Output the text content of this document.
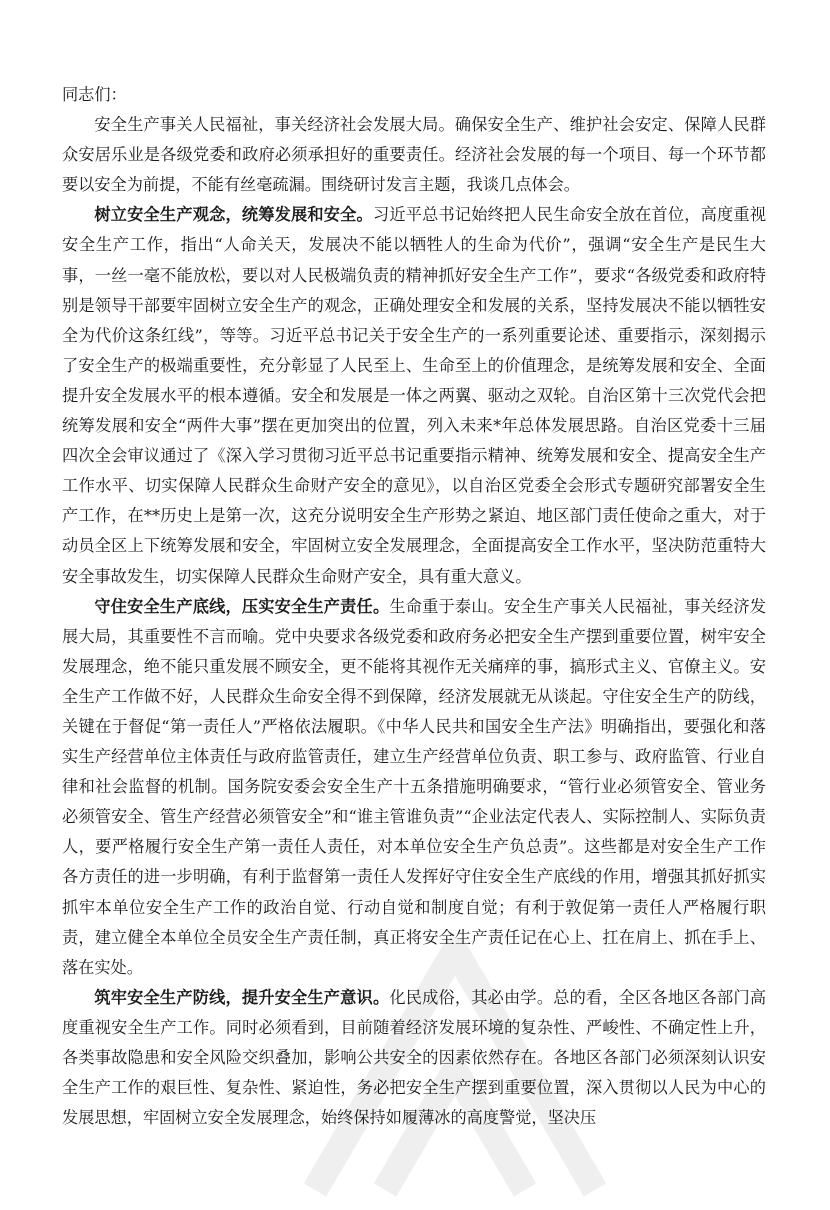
同志们：

安全生产事关人民福祉，事关经济社会发展大局。确保安全生产、维护社会安定、保障人民群众安居乐业是各级党委和政府必须承担好的重要责任。经济社会发展的每一个项目、每一个环节都要以安全为前提，不能有丝毫疏漏。围绕研讨发言主题，我谈几点体会。

树立安全生产观念，统筹发展和安全。习近平总书记始终把人民生命安全放在首位，高度重视安全生产工作，指出“人命关天，发展决不能以牺牲人的生命为代价”，强调“安全生产是民生大事，一丝一毫不能放松，要以对人民极端负责的精神抓好安全生产工作”，要求“各级党委和政府特别是领导干部要牢固树立安全生产的观念，正确处理安全和发展的关系，坚持发展决不能以牺牲安全为代价这条红线”，等等。习近平总书记关于安全生产的一系列重要论述、重要指示，深刻揭示了安全生产的极端重要性，充分彰显了人民至上、生命至上的价值理念，是统筹发展和安全、全面提升安全发展水平的根本遵循。安全和发展是一体之两翼、驱动之双轮。自治区第十三次党代会把统筹发展和安全“两件大事”摆在更加突出的位置，列入未来*年总体发展思路。自治区党委十三届四次全会审议通过了《深入学习贯彻习近平总书记重要指示精神、统筹发展和安全、提高安全生产工作水平、切实保障人民群众生命财产安全的意见》，以自治区党委全会形式专题研究部署安全生产工作，在**历史上是第一次，这充分说明安全生产形势之紧迫、地区部门责任使命之重大，对于动员全区上下统筹发展和安全，牢固树立安全发展理念，全面提高安全工作水平，坚决防范重特大安全事故发生，切实保障人民群众生命财产安全，具有重大意义。

守住安全生产底线，压实安全生产责任。生命重于泰山。安全生产事关人民福祉，事关经济发展大局，其重要性不言而喻。党中央要求各级党委和政府务必把安全生产摆到重要位置，树牢安全发展理念，绝不能只重发展不顾安全，更不能将其视作无关痛痒的事，搞形式主义、官僚主义。安全生产工作做不好，人民群众生命安全得不到保障，经济发展就无从谈起。守住安全生产的防线，关键在于督促“第一责任人”严格依法履职。《中华人民共和国安全生产法》明确指出，要强化和落实生产经营单位主体责任与政府监管责任，建立生产经营单位负责、职工参与、政府监管、行业自律和社会监督的机制。国务院安委会安全生产十五条措施明确要求，“管行业必须管安全、管业务必须管安全、管生产经营必须管安全”和“谁主管谁负责”“企业法定代表人、实际控制人、实际负责人，要严格履行安全生产第一责任人责任，对本单位安全生产负总责”。这些都是对安全生产工作各方责任的进一步明确，有利于监督第一责任人发挥好守住安全生产底线的作用，增强其抓好抓实抓牢本单位安全生产工作的政治自觉、行动自觉和制度自觉；有利于敦促第一责任人严格履行职责，建立健全本单位全员安全生产责任制，真正将安全生产责任记在心上、扛在肩上、抓在手上、落在实处。

筑牢安全生产防线，提升安全生产意识。化民成俗，其必由学。总的看，全区各地区各部门高度重视安全生产工作。同时必须看到，目前随着经济发展环境的复杂性、严峻性、不确定性上升，各类事故隐患和安全风险交织叠加，影响公共安全的因素依然存在。各地区各部门必须深刻认识安全生产工作的艰巨性、复杂性、紧迫性，务必把安全生产摆到重要位置，深入贯彻以人民为中心的发展思想，牢固树立安全发展理念，始终保持如履薄冰的高度警觉，坚决压
